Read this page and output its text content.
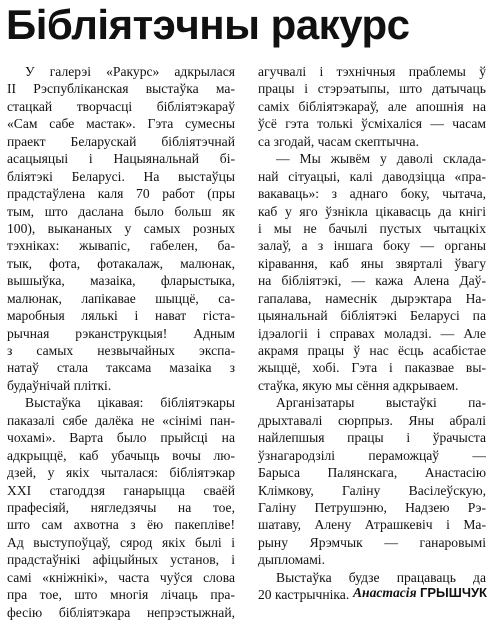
Бібліятэчны ракурс
У галерэі «Ракурс» адкрылася
II Рэспубліканская выстаўка ма-
стацкай творчасці бібліятэкараў
«Сам сабе мастак». Гэта сумесны
праект Беларускай бібліятэчнай
асацыяцыі і Нацыянальнай бі-
бліятэкі Беларусі. На выстаўцы
прадстаўлена каля 70 работ (пры
тым, што даслана было больш як
100), выкананых у самых розных
тэхніках: жывапіс, габелен, ба-
тык, фота, фотакалаж, малюнак,
вышыўка, мазаіка, фларыстыка,
малюнак, лапікавае шыццё, са-
маробныя лялькі і нават гіста-
рычная рэканструкцыя! Адным
з самых незвычайных экспа-
натаў стала таксама мазаіка з
будаўнічай пліткі.
Выстаўка цікавая: бібліятэкары
паказалі сябе далёка не «сінімі пан-
чохамі». Варта было прыйсці на
адкрыццё, каб убачыць вочы лю-
дзей, у якіх чыталася: бібліятэкар
XXI стагоддзя ганарыцца сваёй
прафесіяй, нягледзячы на тое,
што сам ахвотна з ёю пакепліве!
Ад выступоўцаў, сярод якіх былі і
прадстаўнікі афіцыйных установ, і
самі «кніжнікі», часта чуўся слова
пра тое, што многія лічаць пра-
фесію бібліятэкара непрэстыжнай,
агучвалі і тэхнічныя праблемы ў
працы і стэрэатыпы, што датычаць
саміх бібліятэкараў, але апошнія на
ўсё гэта толькі ўсміхаліся — часам
са згодай, часам скептычна.
— Мы жывём у даволі склада-
най сітуацыі, калі даводзіцца «пра-
вакаваць»: з аднаго боку, чытача,
каб у яго ўзнікла цікавасць да кнігі
і мы не бачылі пустых чытацкіх
залаў, а з іншага боку — органы
кіравання, каб яны звярталі ўвагу
на бібліятэкі, — кажа Алена Даў-
гапалава, намеснік дырэктара На-
цыянальнай бібліятэкі Беларусі па
ідэалогіі і справах моладзі. — Але
акрамя працы ў нас ёсць асабістае
жыццё, хобі. Гэта і паказвае вы-
стаўка, якую мы сёння адкрываем.
Арганізатары выстаўкі па-
дрыхтавалі сюрпрыз. Яны абралі
найлепшыя працы і ўрачыста
ўзнагародзілі пераможцаў —
Барыса Палянскага, Анастасію
Клімкову, Галіну Васілеўскую,
Галіну Петрушэню, Надзею Рэ-
шатаву, Алену Атрашкевіч і Ма-
рыну Ярэмчык — ганаровымі
дыпломамі.
Выстаўка будзе працаваць да
20 кастрычніка. Анастасія ГРЫШЧУК
